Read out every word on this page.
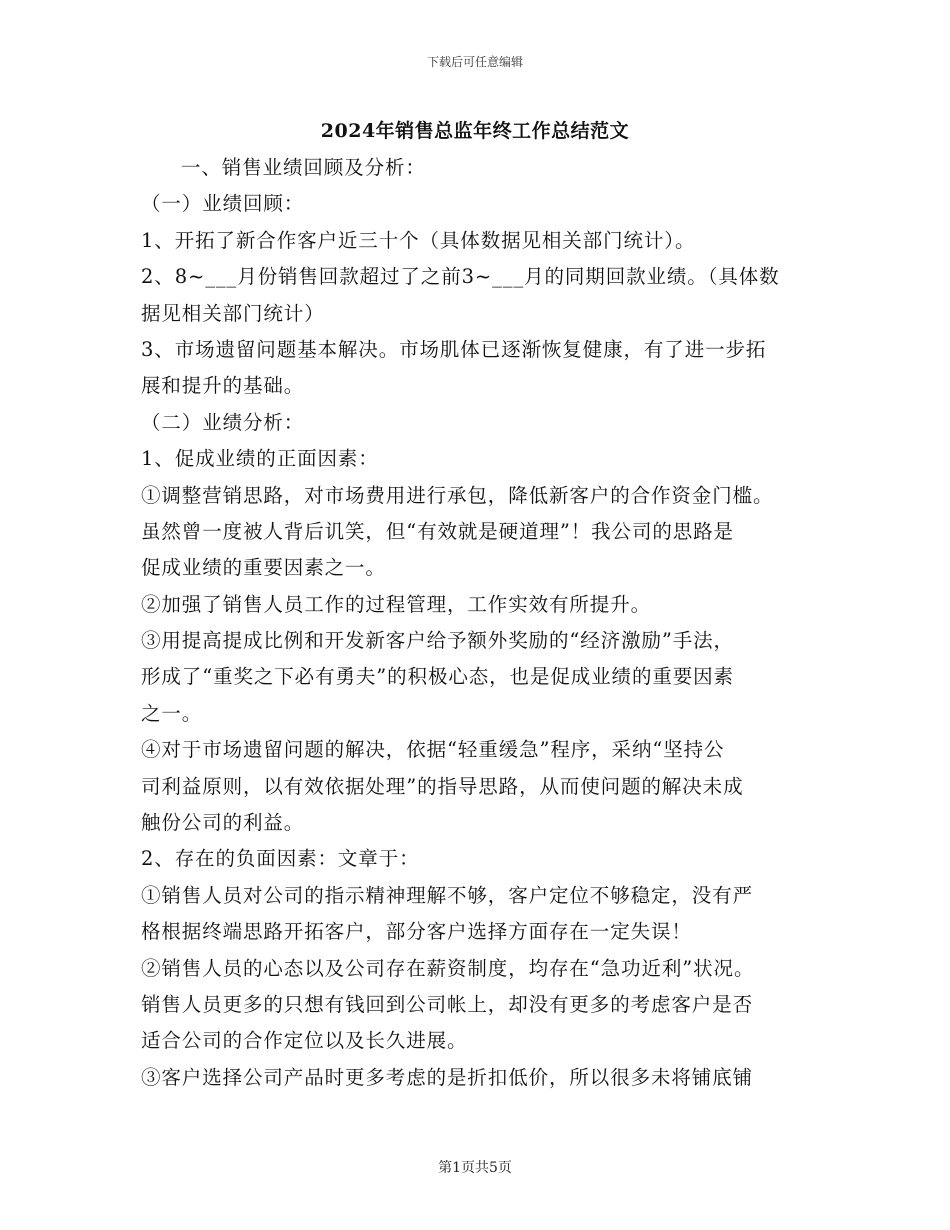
下载后可任意编辑
2024年销售总监年终工作总结范文
一、销售业绩回顾及分析：
（一）业绩回顾：
1、开拓了新合作客户近三十个（具体数据见相关部门统计）。
2、8~___月份销售回款超过了之前3~___月的同期回款业绩。（具体数
据见相关部门统计）
3、市场遗留问题基本解决。市场肌体已逐渐恢复健康，有了进一步拓
展和提升的基础。
（二）业绩分析：
1、促成业绩的正面因素：
①调整营销思路，对市场费用进行承包，降低新客户的合作资金门槛。
虽然曾一度被人背后讥笑，但“有效就是硬道理”！我公司的思路是
促成业绩的重要因素之一。
②加强了销售人员工作的过程管理，工作实效有所提升。
③用提高提成比例和开发新客户给予额外奖励的“经济激励”手法，
形成了“重奖之下必有勇夫”的积极心态，也是促成业绩的重要因素
之一。
④对于市场遗留问题的解决，依据“轻重缓急”程序，采纳“坚持公
司利益原则，以有效依据处理”的指导思路，从而使问题的解决未成
触份公司的利益。
2、存在的负面因素：文章于：
①销售人员对公司的指示精神理解不够，客户定位不够稳定，没有严
格根据终端思路开拓客户，部分客户选择方面存在一定失误！
②销售人员的心态以及公司存在薪资制度，均存在“急功近利”状况。
销售人员更多的只想有钱回到公司帐上，却没有更多的考虑客户是否
适合公司的合作定位以及长久进展。
③客户选择公司产品时更多考虑的是折扣低价，所以很多未将铺底铺
第1页共5页
